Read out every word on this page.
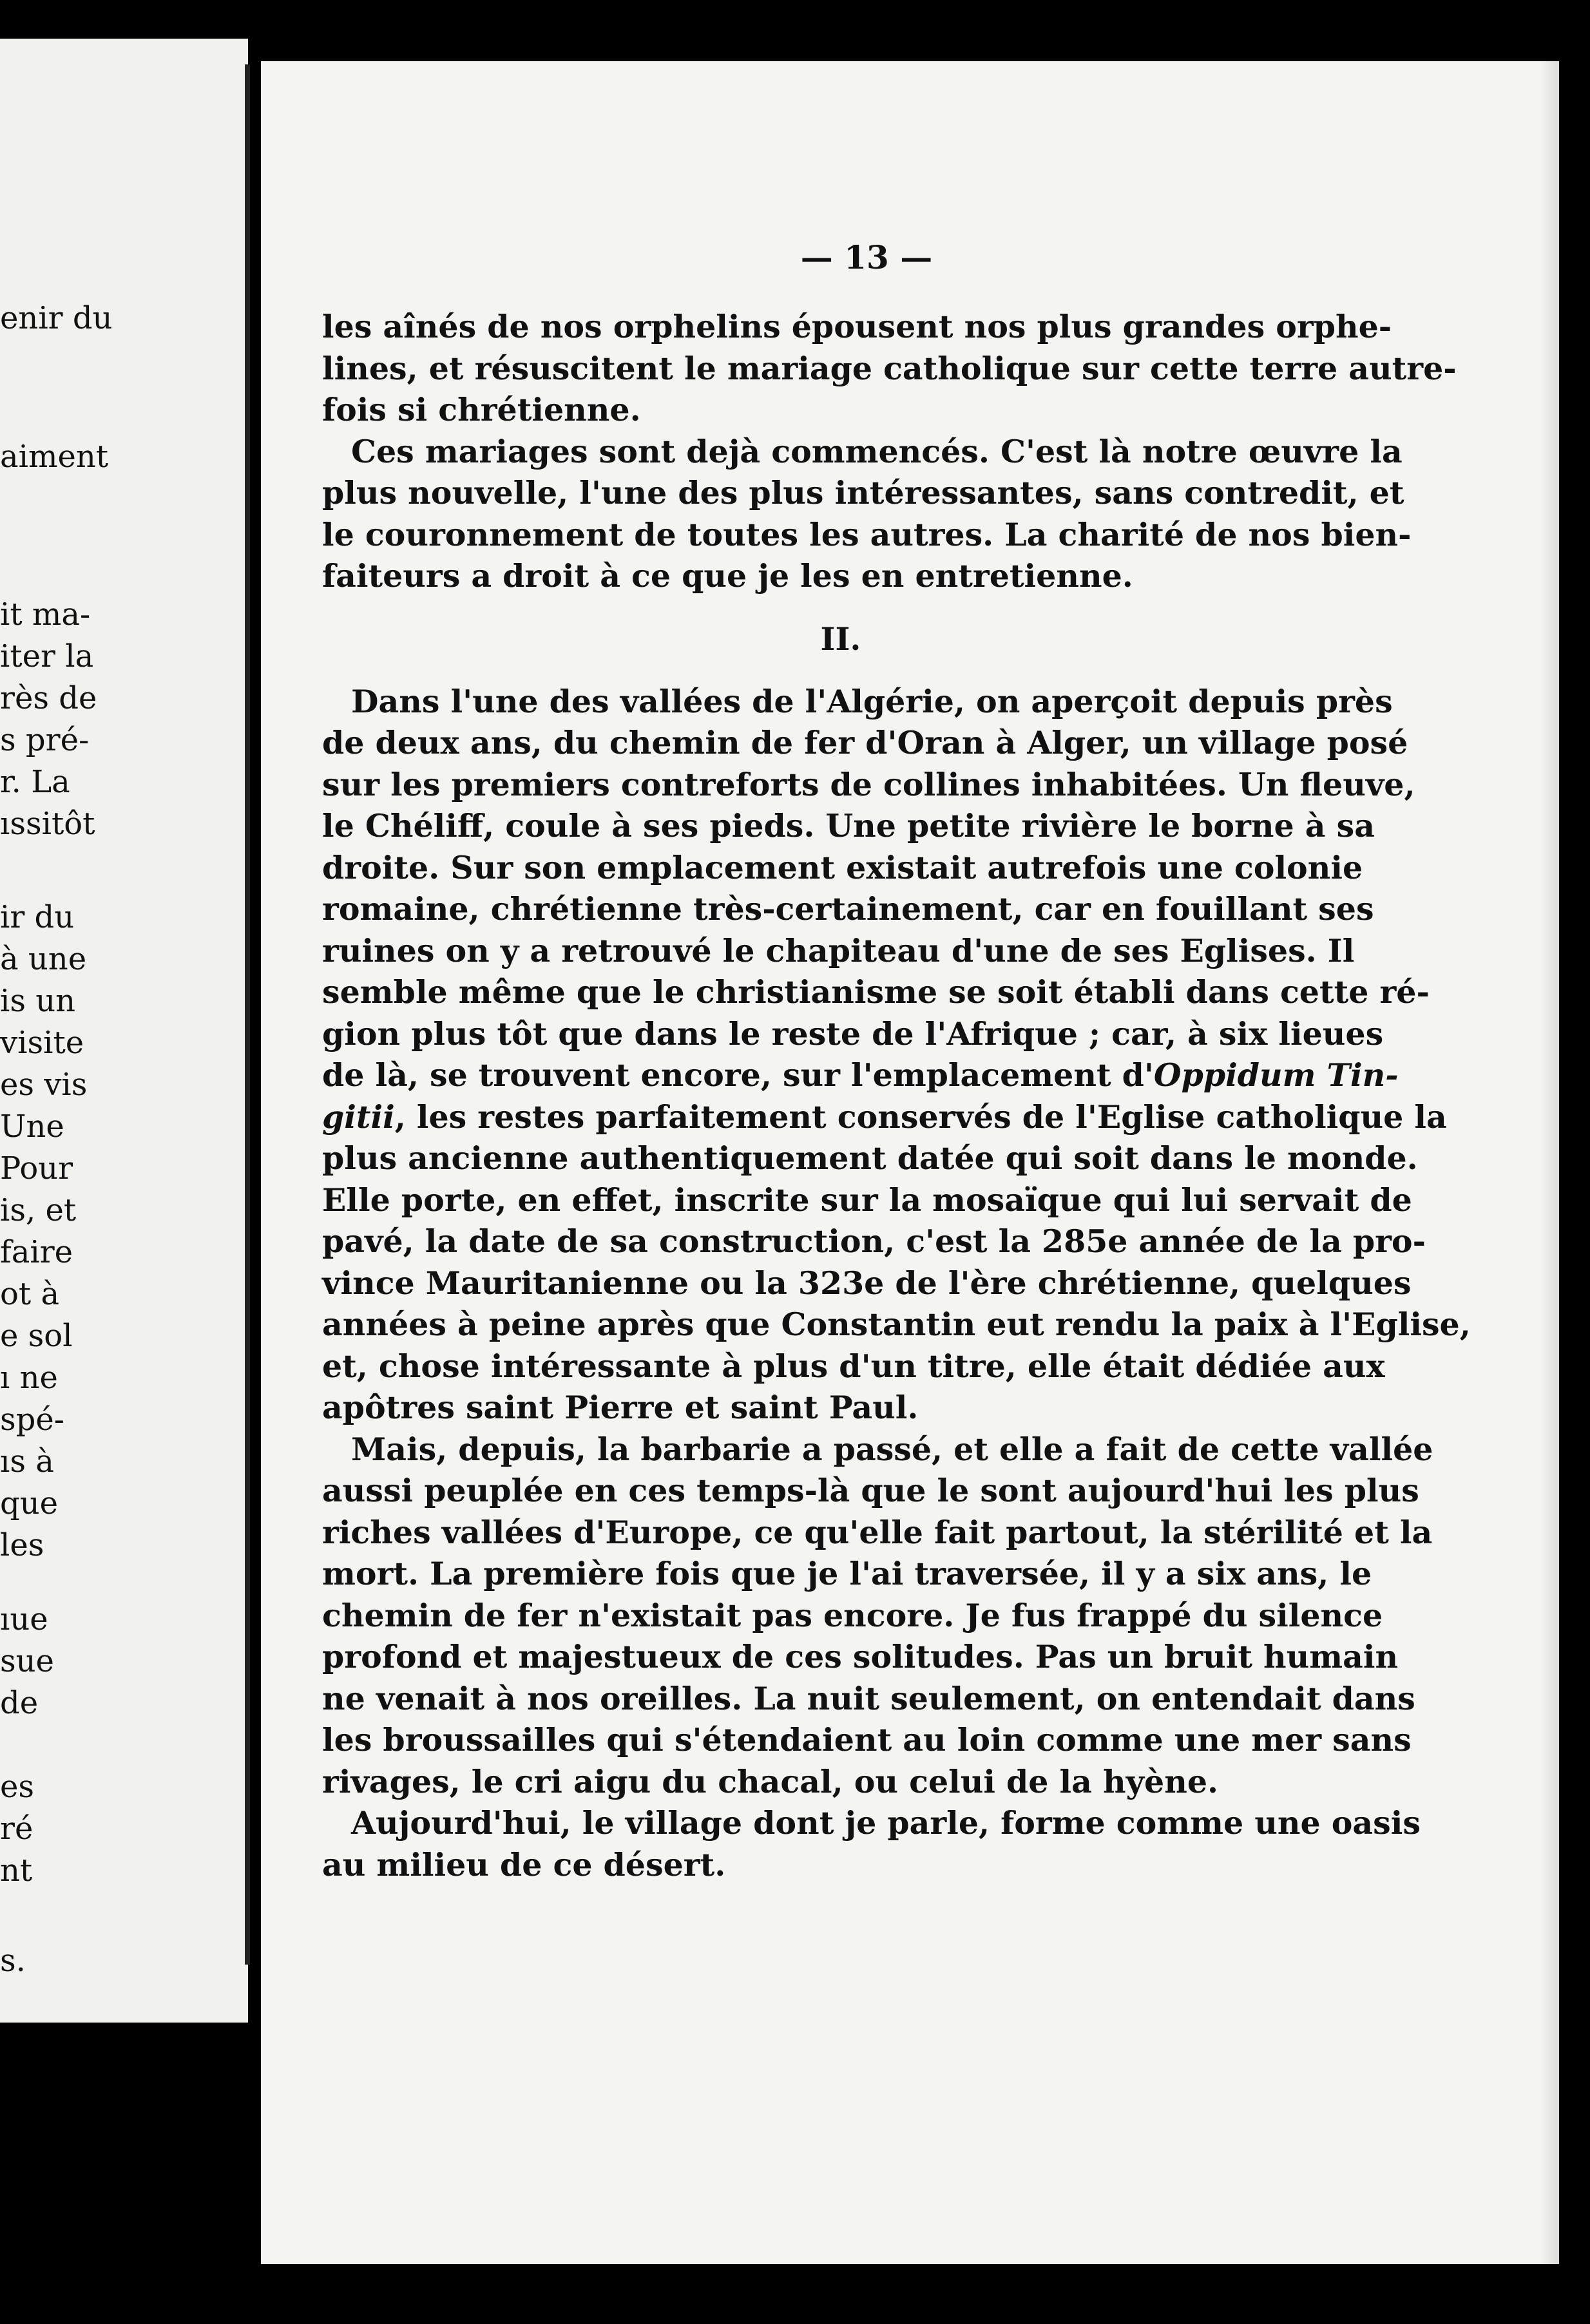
enir du
aiment
it ma-
iter la
rès de
s pré-
r. La
ıssitôt
ir du
à une
is un
visite
es vis
Une
Pour
is, et
faire
ot à
e sol
ı ne
spé-
ıs à
que
les
ıue
sue
de
es
ré
nt
s.
— 13 —
les aînés de nos orphelins épousent nos plus grandes orphe-
lines, et résuscitent le mariage catholique sur cette terre autre-
fois si chrétienne.
Ces mariages sont dejà commencés. C'est là notre œuvre la
plus nouvelle, l'une des plus intéressantes, sans contredit, et
le couronnement de toutes les autres. La charité de nos bien-
faiteurs a droit à ce que je les en entretienne.
II.
Dans l'une des vallées de l'Algérie, on aperçoit depuis près
de deux ans, du chemin de fer d'Oran à Alger, un village posé
sur les premiers contreforts de collines inhabitées. Un fleuve,
le Chéliff, coule à ses pieds. Une petite rivière le borne à sa
droite. Sur son emplacement existait autrefois une colonie
romaine, chrétienne très-certainement, car en fouillant ses
ruines on y a retrouvé le chapiteau d'une de ses Eglises. Il
semble même que le christianisme se soit établi dans cette ré-
gion plus tôt que dans le reste de l'Afrique ; car, à six lieues
de là, se trouvent encore, sur l'emplacement d'Oppidum Tin-
gitii, les restes parfaitement conservés de l'Eglise catholique la
plus ancienne authentiquement datée qui soit dans le monde.
Elle porte, en effet, inscrite sur la mosaïque qui lui servait de
pavé, la date de sa construction, c'est la 285e année de la pro-
vince Mauritanienne ou la 323e de l'ère chrétienne, quelques
années à peine après que Constantin eut rendu la paix à l'Eglise,
et, chose intéressante à plus d'un titre, elle était dédiée aux
apôtres saint Pierre et saint Paul.
Mais, depuis, la barbarie a passé, et elle a fait de cette vallée
aussi peuplée en ces temps-là que le sont aujourd'hui les plus
riches vallées d'Europe, ce qu'elle fait partout, la stérilité et la
mort. La première fois que je l'ai traversée, il y a six ans, le
chemin de fer n'existait pas encore. Je fus frappé du silence
profond et majestueux de ces solitudes. Pas un bruit humain
ne venait à nos oreilles. La nuit seulement, on entendait dans
les broussailles qui s'étendaient au loin comme une mer sans
rivages, le cri aigu du chacal, ou celui de la hyène.
Aujourd'hui, le village dont je parle, forme comme une oasis
au milieu de ce désert.
